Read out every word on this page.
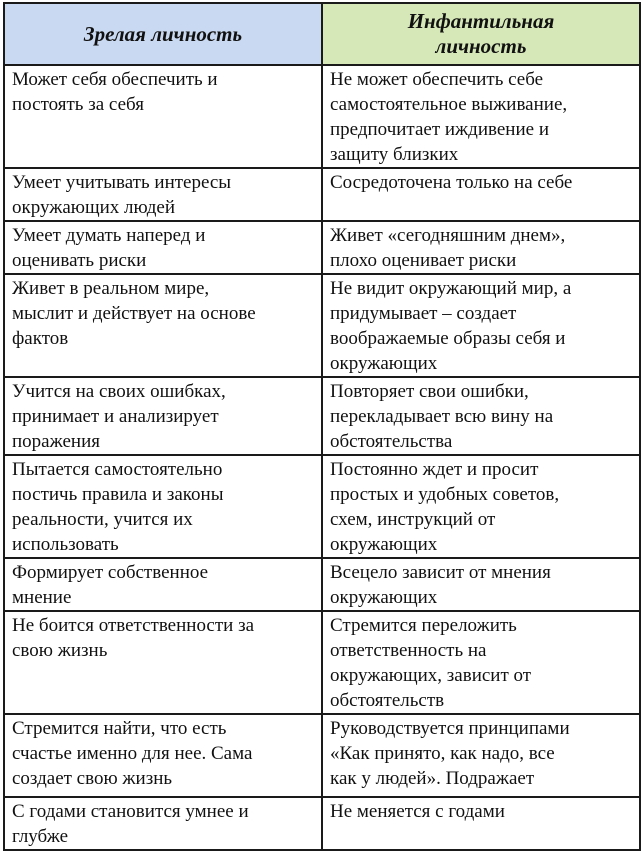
Зрелая личность	Инфантильная
личность

Может себя обеспечить и
постоять за себя	Не может обеспечить себе
самостоятельное выживание,
предпочитает иждивение и
защиту близких

Умеет учитывать интересы
окружающих людей	Сосредоточена только на себе

Умеет думать наперед и
оценивать риски	Живет «сегодняшним днем»,
плохо оценивает риски

Живет в реальном мире,
мыслит и действует на основе
фактов	Не видит окружающий мир, а
придумывает – создает
воображаемые образы себя и
окружающих

Учится на своих ошибках,
принимает и анализирует
поражения	Повторяет свои ошибки,
перекладывает всю вину на
обстоятельства

Пытается самостоятельно
постичь правила и законы
реальности, учится их
использовать	Постоянно ждет и просит
простых и удобных советов,
схем, инструкций от
окружающих

Формирует собственное
мнение	Всецело зависит от мнения
окружающих

Не боится ответственности за
свою жизнь	Стремится переложить
ответственность на
окружающих, зависит от
обстоятельств

Стремится найти, что есть
счастье именно для нее. Сама
создает свою жизнь	Руководствуется принципами
«Как принято, как надо, все
как у людей». Подражает

С годами становится умнее и
глубже	Не меняется с годами
